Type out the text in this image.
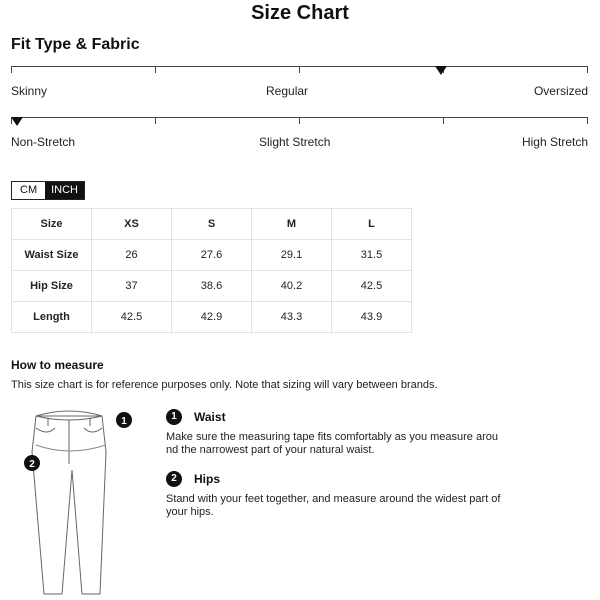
Size Chart
Fit Type & Fabric
Skinny	Regular	Oversized
Non-Stretch	Slight Stretch	High Stretch
CM	INCH
Size	XS	S	M	L
Waist Size	26	27.6	29.1	31.5
Hip Size	37	38.6	40.2	42.5
Length	42.5	42.9	43.3	43.9
How to measure
This size chart is for reference purposes only. Note that sizing will vary between brands.
1
2
1	Waist
Make sure the measuring tape fits comfortably as you measure arou
nd the narrowest part of your natural waist.
2	Hips
Stand with your feet together, and measure around the widest part of
your hips.
